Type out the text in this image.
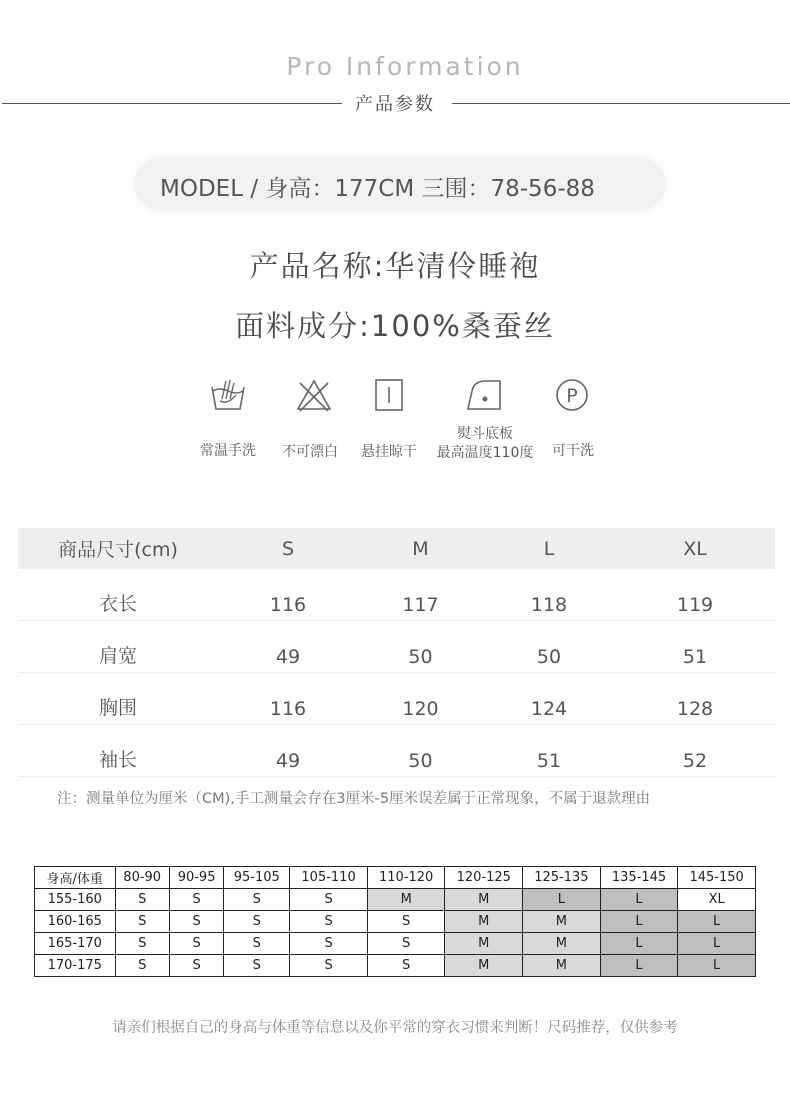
Pro Information
产品参数
MODEL / 身高：177CM 三围：78-56-88
产品名称:华清伶睡袍
面料成分:100%桑蚕丝
P
常温手洗	不可漂白	悬挂晾干
熨斗底板
最高温度110度	可干洗
商品尺寸(cm)	S	M	L	XL
衣长	116	117	118	119
肩宽	49	50	50	51
胸围	116	120	124	128
袖长	49	50	51	52
注：测量单位为厘米（CM),手工测量会存在3厘米-5厘米误差属于正常现象，不属于退款理由
身高/体重	80-90	90-95	95-105	105-110	110-120	120-125	125-135	135-145	145-150
155-160	S	S	S	S	M	M	L	L	XL
160-165	S	S	S	S	S	M	M	L	L
165-170	S	S	S	S	S	M	M	L	L
170-175	S	S	S	S	S	M	M	L	L
请亲们根据自己的身高与体重等信息以及你平常的穿衣习惯来判断！尺码推荐，仅供参考
